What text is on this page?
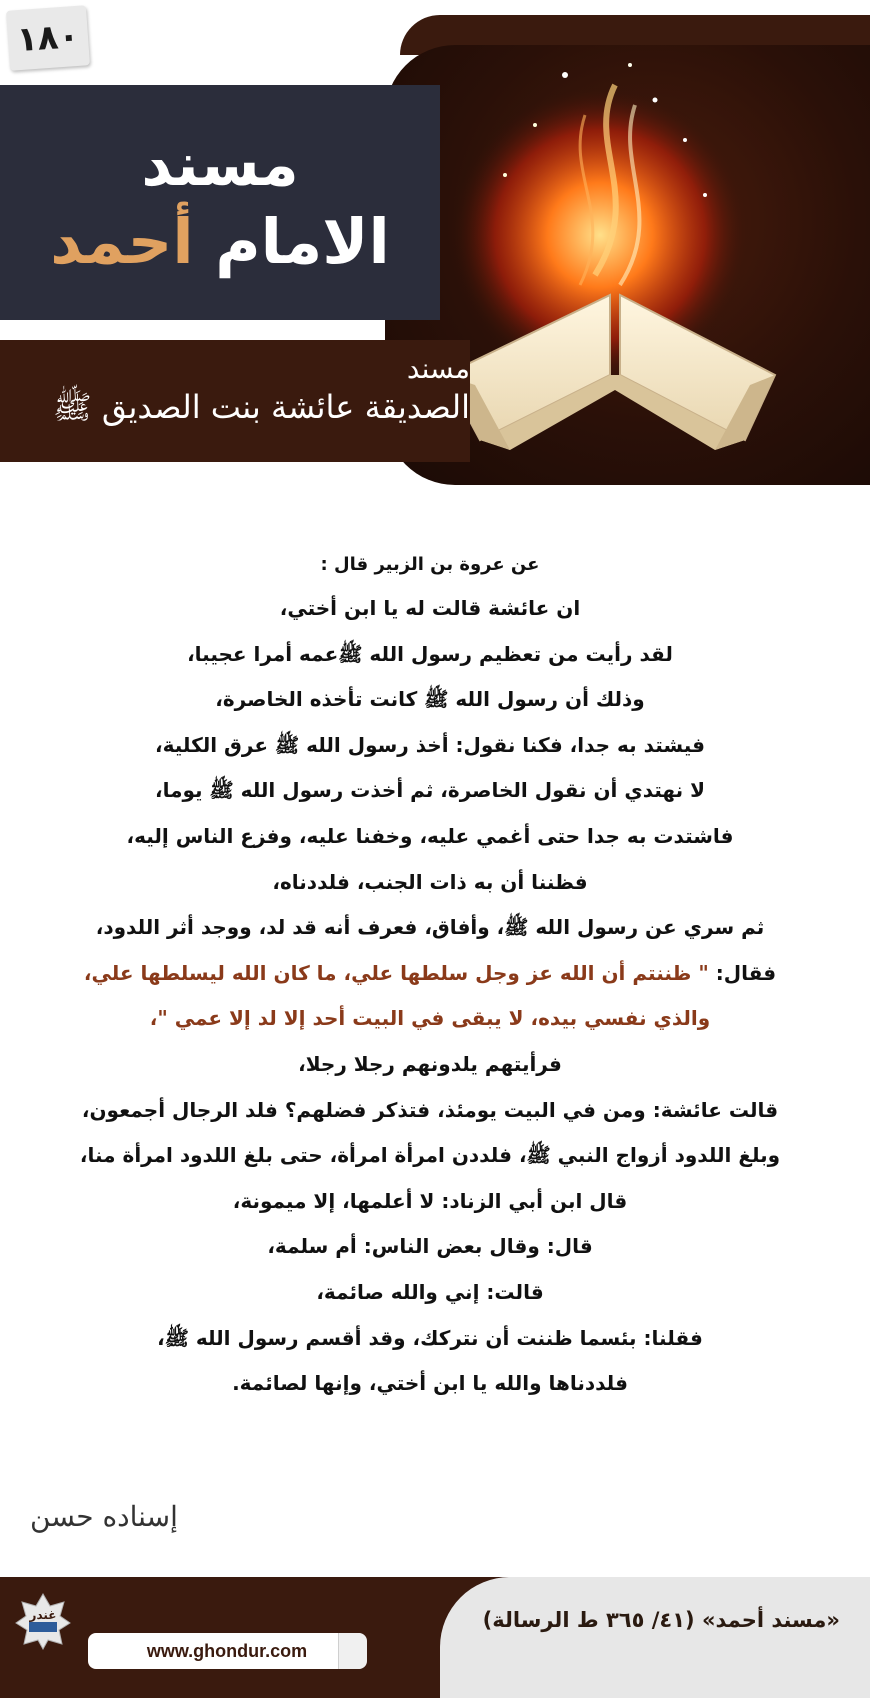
١٨٠
مسند
الامام أحمد
مسند
الصديقة عائشة بنت الصديق ﷺ
عن عروة بن الزبير قال :
ان عائشة قالت له يا ابن أختي،
لقد رأيت من تعظيم رسول الله ﷺعمه أمرا عجيبا،
وذلك أن رسول الله ﷺ كانت تأخذه الخاصرة،
فيشتد به جدا، فكنا نقول: أخذ رسول الله ﷺ عرق الكلية،
لا نهتدي أن نقول الخاصرة، ثم أخذت رسول الله ﷺ يوما،
فاشتدت به جدا حتى أغمي عليه، وخفنا عليه، وفزع الناس إليه،
فظننا أن به ذات الجنب، فلددناه،
ثم سري عن رسول الله ﷺ، وأفاق، فعرف أنه قد لد، ووجد أثر اللدود،
فقال: " ظننتم أن الله عز وجل سلطها علي، ما كان الله ليسلطها علي،
والذي نفسي بيده، لا يبقى في البيت أحد إلا لد إلا عمي "،
فرأيتهم يلدونهم رجلا رجلا،
قالت عائشة: ومن في البيت يومئذ، فتذكر فضلهم؟ فلد الرجال أجمعون،
وبلغ اللدود أزواج النبي ﷺ، فلددن امرأة امرأة، حتى بلغ اللدود امرأة منا،
قال ابن أبي الزناد: لا أعلمها، إلا ميمونة،
قال: وقال بعض الناس: أم سلمة،
قالت: إني والله صائمة،
فقلنا: بئسما ظننت أن نتركك، وقد أقسم رسول الله ﷺ،
فلددناها والله يا ابن أختي، وإنها لصائمة.
إسناده حسن
«مسند أحمد» (٤١/ ٣٦٥ ط الرسالة)
غندر
www.ghondur.com
